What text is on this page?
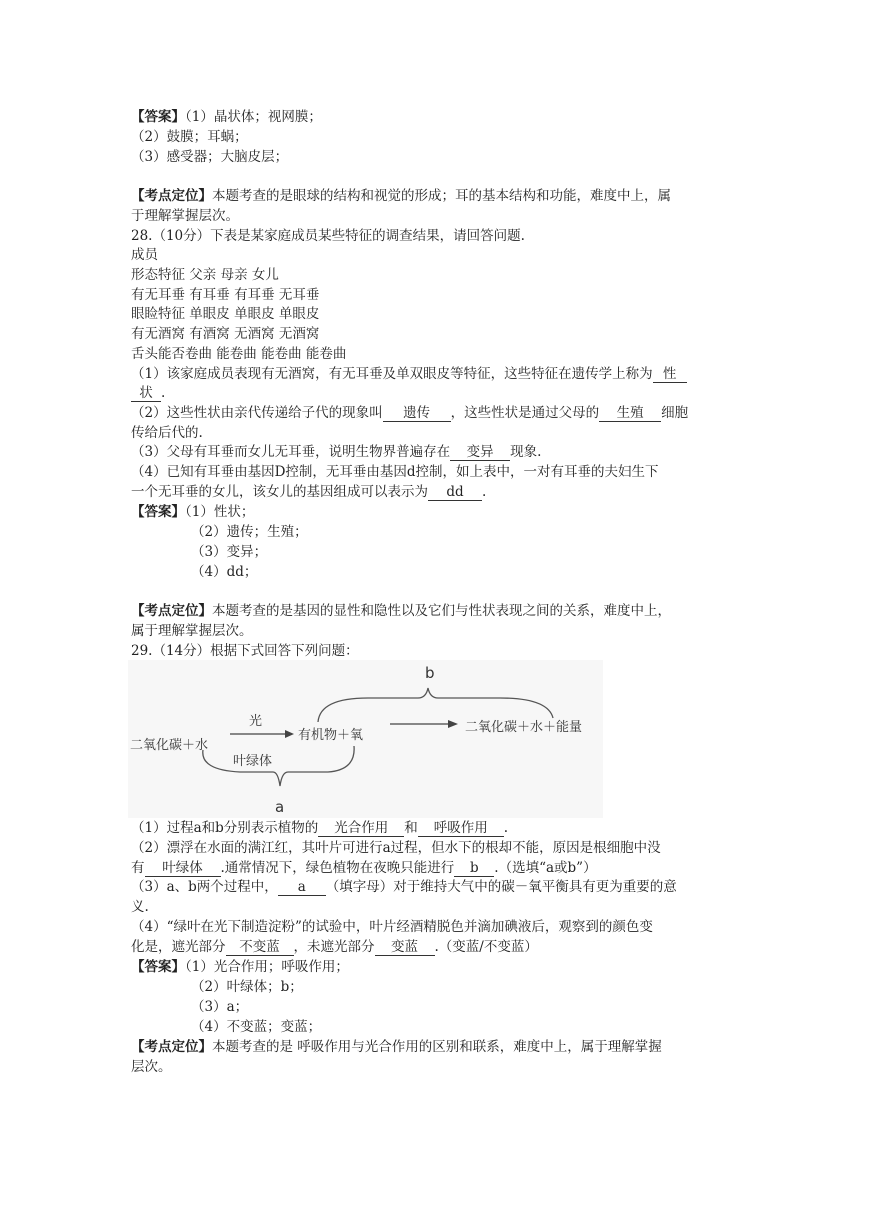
【答案】（1）晶状体；视网膜；
（2）鼓膜；耳蜗；
（3）感受器；大脑皮层；
【考点定位】本题考查的是眼球的结构和视觉的形成；耳的基本结构和功能，难度中上，属
于理解掌握层次。
28.（10分）下表是某家庭成员某些特征的调查结果，请回答问题.
成员
形态特征 父亲 母亲 女儿
有无耳垂 有耳垂 有耳垂 无耳垂
眼睑特征 单眼皮 单眼皮 单眼皮
有无酒窝 有酒窝 无酒窝 无酒窝
舌头能否卷曲 能卷曲 能卷曲 能卷曲
（1）该家庭成员表现有无酒窝，有无耳垂及单双眼皮等特征，这些特征在遗传学上称为 性
状 .
（2）这些性状由亲代传递给子代的现象叫 遗传 ，这些性状是通过父母的 生殖 细胞
传给后代的.
（3）父母有耳垂而女儿无耳垂，说明生物界普遍存在 变异 现象.
（4）已知有耳垂由基因D控制，无耳垂由基因d控制，如上表中，一对有耳垂的夫妇生下
一个无耳垂的女儿，该女儿的基因组成可以表示为 dd .
【答案】（1）性状；
（2）遗传；生殖；
（3）变异；
（4）dd；
【考点定位】本题考查的是基因的显性和隐性以及它们与性状表现之间的关系，难度中上，
属于理解掌握层次。
29.（14分）根据下式回答下列问题：
二氧化碳＋水
光
有机物＋氧
二氧化碳＋水＋能量
叶绿体
a
b
（1）过程a和b分别表示植物的 光合作用 和 呼吸作用 .
（2）漂浮在水面的满江红，其叶片可进行a过程，但水下的根却不能，原因是根细胞中没
有 叶绿体 .通常情况下，绿色植物在夜晚只能进行 b .（选填“a或b”）
（3）a、b两个过程中， a （填字母）对于维持大气中的碳－氧平衡具有更为重要的意
义.
（4）“绿叶在光下制造淀粉”的试验中，叶片经酒精脱色并滴加碘液后，观察到的颜色变
化是，遮光部分 不变蓝 ，未遮光部分 变蓝 .（变蓝/不变蓝）
【答案】（1）光合作用；呼吸作用；
（2）叶绿体；b；
（3）a；
（4）不变蓝；变蓝；
【考点定位】本题考查的是 呼吸作用与光合作用的区别和联系，难度中上，属于理解掌握
层次。
